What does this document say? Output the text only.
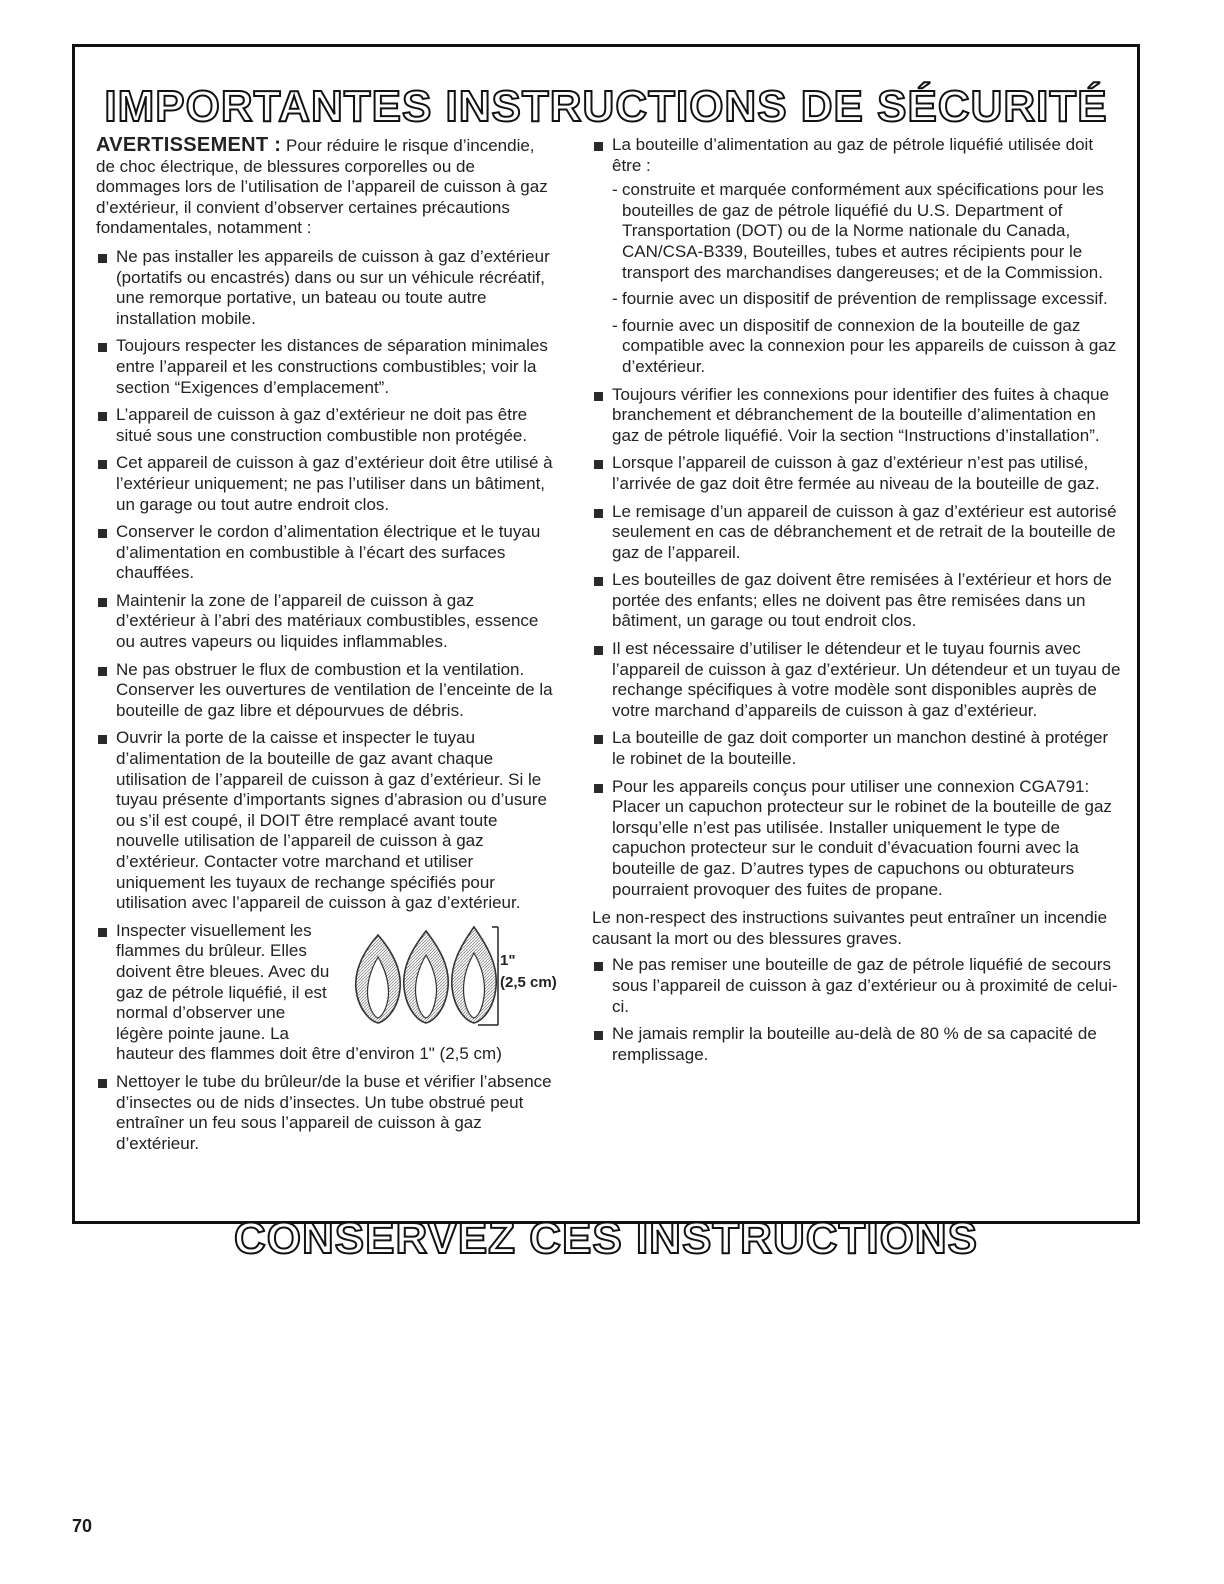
IMPORTANTES INSTRUCTIONS DE SÉCURITÉ
CONSERVEZ CES INSTRUCTIONS

AVERTISSEMENT : Pour réduire le risque d’incendie, de choc électrique, de blessures corporelles ou de dommages lors de l’utilisation de l’appareil de cuisson à gaz d’extérieur, il convient d’observer certaines précautions fondamentales, notamment :

Ne pas installer les appareils de cuisson à gaz d’extérieur (portatifs ou encastrés) dans ou sur un véhicule récréatif, une remorque portative, un bateau ou toute autre installation mobile.
Toujours respecter les distances de séparation minimales entre l’appareil et les constructions combustibles; voir la section “Exigences d’emplacement”.
L’appareil de cuisson à gaz d’extérieur ne doit pas être situé sous une construction combustible non protégée.
Cet appareil de cuisson à gaz d’extérieur doit être utilisé à l’extérieur uniquement; ne pas l’utiliser dans un bâtiment, un garage ou tout autre endroit clos.
Conserver le cordon d’alimentation électrique et le tuyau d’alimentation en combustible à l’écart des surfaces chauffées.
Maintenir la zone de l’appareil de cuisson à gaz d’extérieur à l’abri des matériaux combustibles, essence ou autres vapeurs ou liquides inflammables.
Ne pas obstruer le flux de combustion et la ventilation. Conserver les ouvertures de ventilation de l’enceinte de la bouteille de gaz libre et dépourvues de débris.
Ouvrir la porte de la caisse et inspecter le tuyau d’alimentation de la bouteille de gaz avant chaque utilisation de l’appareil de cuisson à gaz d’extérieur. Si le tuyau présente d’importants signes d’abrasion ou d’usure ou s’il est coupé, il DOIT être remplacé avant toute nouvelle utilisation de l’appareil de cuisson à gaz d’extérieur. Contacter votre marchand et utiliser uniquement les tuyaux de rechange spécifiés pour utilisation avec l’appareil de cuisson à gaz d’extérieur.
1"
(2,5 cm)
Inspecter visuellement les flammes du brûleur. Elles doivent être bleues. Avec du gaz de pétrole liquéfié, il est normal d’observer une légère pointe jaune. La hauteur des flammes doit être d’environ 1" (2,5 cm)
Nettoyer le tube du brûleur/de la buse et vérifier l’absence d’insectes ou de nids d’insectes. Un tube obstrué peut entraîner un feu sous l’appareil de cuisson à gaz d’extérieur.
La bouteille d’alimentation au gaz de pétrole liquéfié utilisée doit être :
- construite et marquée conformément aux spécifications pour les bouteilles de gaz de pétrole liquéfié du U.S. Department of Transportation (DOT) ou de la Norme nationale du Canada, CAN/CSA-B339, Bouteilles, tubes et autres récipients pour le transport des marchandises dangereuses; et de la Commission.
- fournie avec un dispositif de prévention de remplissage excessif.
- fournie avec un dispositif de connexion de la bouteille de gaz compatible avec la connexion pour les appareils de cuisson à gaz d’extérieur.
Toujours vérifier les connexions pour identifier des fuites à chaque branchement et débranchement de la bouteille d’alimentation en gaz de pétrole liquéfié. Voir la section “Instructions d’installation”.
Lorsque l’appareil de cuisson à gaz d’extérieur n’est pas utilisé, l’arrivée de gaz doit être fermée au niveau de la bouteille de gaz.
Le remisage d’un appareil de cuisson à gaz d’extérieur est autorisé seulement en cas de débranchement et de retrait de la bouteille de gaz de l’appareil.
Les bouteilles de gaz doivent être remisées à l’extérieur et hors de portée des enfants; elles ne doivent pas être remisées dans un bâtiment, un garage ou tout endroit clos.
Il est nécessaire d’utiliser le détendeur et le tuyau fournis avec l’appareil de cuisson à gaz d’extérieur. Un détendeur et un tuyau de rechange spécifiques à votre modèle sont disponibles auprès de votre marchand d’appareils de cuisson à gaz d’extérieur.
La bouteille de gaz doit comporter un manchon destiné à protéger le robinet de la bouteille.
Pour les appareils conçus pour utiliser une connexion CGA791: Placer un capuchon protecteur sur le robinet de la bouteille de gaz lorsqu’elle n’est pas utilisée. Installer uniquement le type de capuchon protecteur sur le conduit d’évacuation fourni avec la bouteille de gaz. D’autres types de capuchons ou obturateurs pourraient provoquer des fuites de propane.

Le non-respect des instructions suivantes peut entraîner un incendie causant la mort ou des blessures graves.

Ne pas remiser une bouteille de gaz de pétrole liquéfié de secours sous l’appareil de cuisson à gaz d’extérieur ou à proximité de celui-ci.
Ne jamais remplir la bouteille au-delà de 80 % de sa capacité de remplissage.
70
